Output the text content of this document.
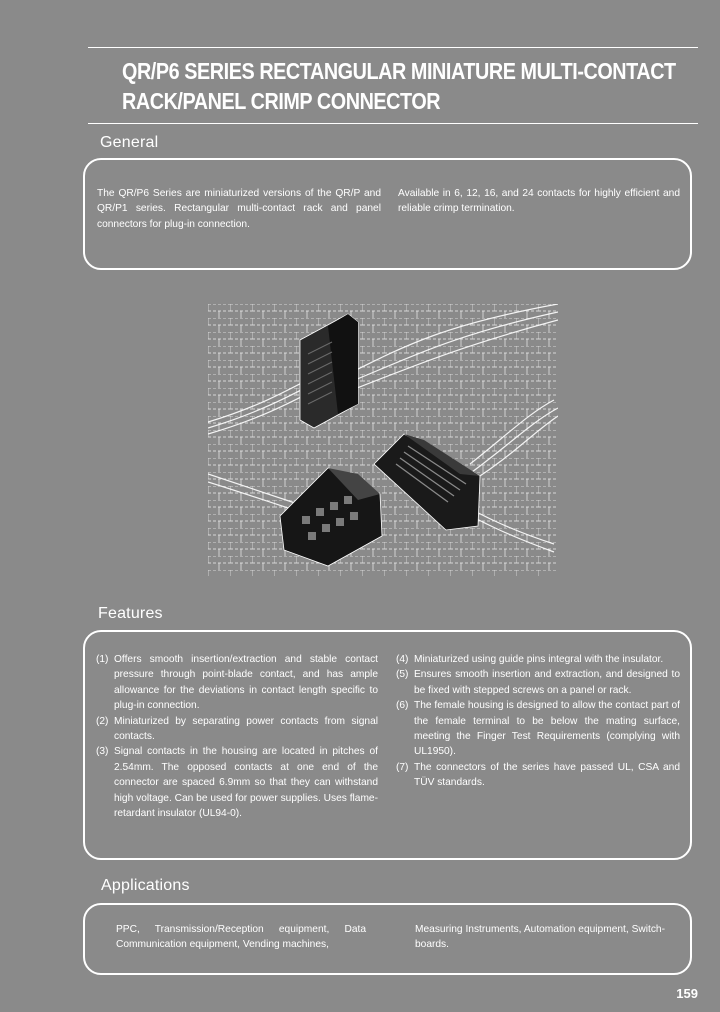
QR/P6 SERIES RECTANGULAR MINIATURE MULTI-CONTACT
RACK/PANEL CRIMP CONNECTOR
General
The QR/P6 Series are miniaturized versions of the QR/P and QR/P1 series. Rectangular multi-contact rack and panel connectors for plug-in connection.
Available in 6, 12, 16, and 24 contacts for highly efficient and reliable crimp termination.
Features

(1) Offers smooth insertion/extraction and stable contact pressure through point-blade contact, and has ample allowance for the deviations in contact length specific to plug-in connection.

(2) Miniaturized by separating power contacts from signal contacts.

(3) Signal contacts in the housing are located in pitches of 2.54mm. The opposed contacts at one end of the connector are spaced 6.9mm so that they can withstand high voltage. Can be used for power supplies. Uses flame-retardant insulator (UL94-0).

(4) Miniaturized using guide pins integral with the insulator.

(5) Ensures smooth insertion and extraction, and designed to be fixed with stepped screws on a panel or rack.

(6) The female housing is designed to allow the contact part of the female terminal to be below the mating surface, meeting the Finger Test Requirements (complying with UL1950).

(7) The connectors of the series have passed UL, CSA and TÜV standards.

Applications
PPC, Transmission/Reception equipment, Data Communication equipment, Vending machines,
Measuring Instruments, Automation equipment, Switch-boards.
159
